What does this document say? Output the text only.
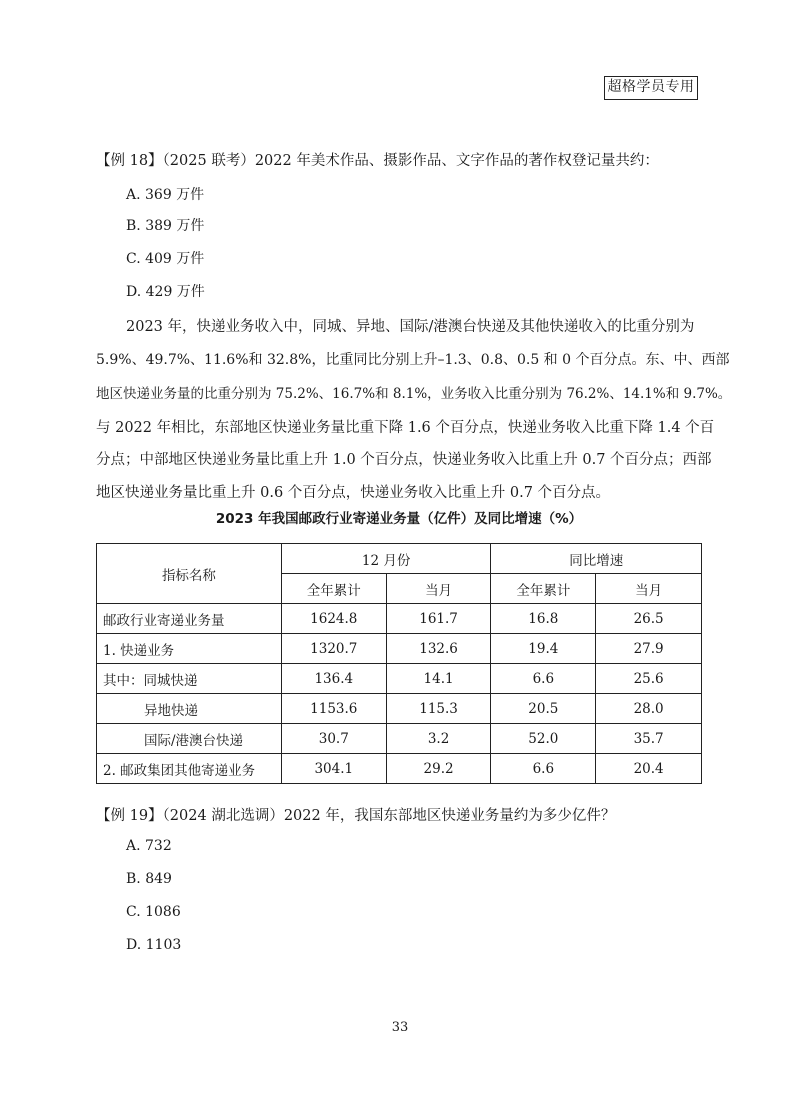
超格学员专用
【例 18】（2025 联考）2022 年美术作品、摄影作品、文字作品的著作权登记量共约：
A. 369 万件
B. 389 万件
C. 409 万件
D. 429 万件
2023 年，快递业务收入中，同城、异地、国际/港澳台快递及其他快递收入的比重分别为
5.9%、49.7%、11.6%和 32.8%，比重同比分别上升–1.3、0.8、0.5 和 0 个百分点。东、中、西部
地区快递业务量的比重分别为 75.2%、16.7%和 8.1%，业务收入比重分别为 76.2%、14.1%和 9.7%。
与 2022 年相比，东部地区快递业务量比重下降 1.6 个百分点，快递业务收入比重下降 1.4 个百
分点；中部地区快递业务量比重上升 1.0 个百分点，快递业务收入比重上升 0.7 个百分点；西部
地区快递业务量比重上升 0.6 个百分点，快递业务收入比重上升 0.7 个百分点。
2023 年我国邮政行业寄递业务量（亿件）及同比增速（%）
指标名称	12 月份		同比增速	
	全年累计	当月	全年累计	当月
邮政行业寄递业务量	1624.8	161.7	16.8	26.5
1. 快递业务	1320.7	132.6	19.4	27.9
其中：同城快递	136.4	14.1	6.6	25.6
异地快递	1153.6	115.3	20.5	28.0
国际/港澳台快递	30.7	3.2	52.0	35.7
2. 邮政集团其他寄递业务	304.1	29.2	6.6	20.4
【例 19】（2024 湖北选调）2022 年，我国东部地区快递业务量约为多少亿件？
A. 732
B. 849
C. 1086
D. 1103
33
